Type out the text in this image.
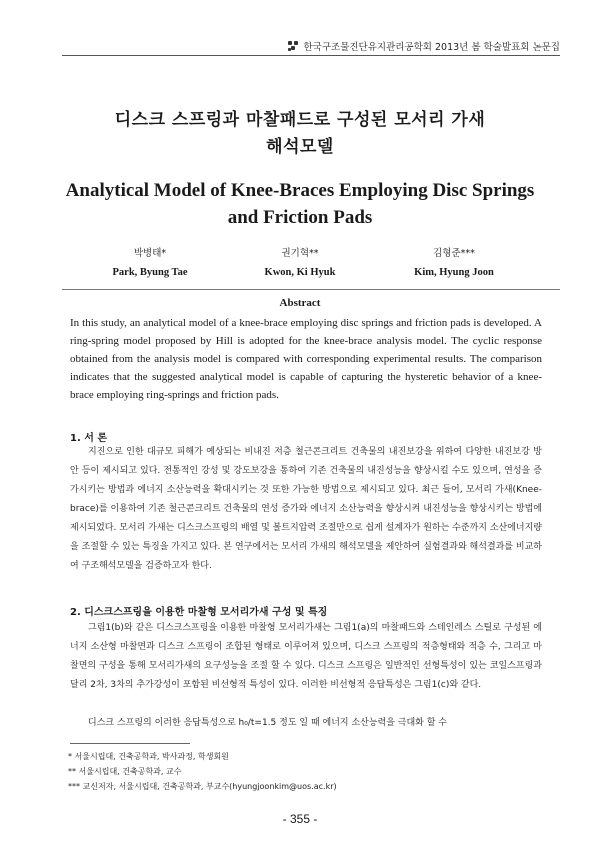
한국구조물진단유지관리공학회 2013년 봄 학술발표회 논문집
디스크 스프링과 마찰패드로 구성된 모서리 가새
해석모델
Analytical Model of Knee-Braces Employing Disc Springs
and Friction Pads
박병태*
Park, Byung Tae
권기혁**
Kwon, Ki Hyuk
김형준***
Kim, Hyung Joon
Abstract
In this study, an analytical model of a knee-brace employing disc springs and friction pads is developed. A ring-spring model proposed by Hill is adopted for the knee-brace analysis model. The cyclic response obtained from the analysis model is compared with corresponding experimental results. The comparison indicates that the suggested analytical model is capable of capturing the hysteretic behavior of a knee-brace employing ring-springs and friction pads.
1. 서 론
지진으로 인한 대규모 피해가 예상되는 비내진 저층 철근콘크리트 건축물의 내진보강을 위하여 다양한 내진보강 방안 등이 제시되고 있다. 전통적인 강성 및 강도보강을 통하여 기존 건축물의 내진성능을 향상시킬 수도 있으며, 연성을 증가시키는 방법과 에너지 소산능력을 확대시키는 것 또한 가능한 방법으로 제시되고 있다. 최근 들어, 모서리 가새(Knee-brace)를 이용하여 기존 철근콘크리트 건축물의 연성 증가와 에너지 소산능력을 향상시켜 내진성능을 향상시키는 방법에 제시되었다. 모서리 가새는 디스크스프링의 배열 및 볼트지압력 조절만으로 쉽게 설계자가 원하는 수준까지 소산에너지량을 조절할 수 있는 특징을 가지고 있다. 본 연구에서는 모서리 가새의 해석모델을 제안하여 실험결과와 해석결과를 비교하여 구조해석모델을 검증하고자 한다.
2. 디스크스프링을 이용한 마찰형 모서리가새 구성 및 특징
그림1(b)와 같은 디스크스프링을 이용한 마찰형 모서리가새는 그림1(a)의 마찰패드와 스테인레스 스틸로 구성된 에너지 소산형 마찰면과 디스크 스프링이 조합된 형태로 이루어져 있으며, 디스크 스프링의 적층형태와 적층 수, 그리고 마찰면의 구성을 통해 모서리가새의 요구성능을 조절 할 수 있다. 디스크 스프링은 일반적인 선형특성이 있는 코일스프링과 달리 2차, 3차의 추가강성이 포함된 비선형적 특성이 있다. 이러한 비선형적 응답특성은 그림1(c)와 같다.
디스크 스프링의 이러한 응답특성으로 h₀/t=1.5 정도 일 때 에너지 소산능력을 극대화 할 수
* 서울시립대, 건축공학과, 박사과정, 학생회원
** 서울시립대, 건축공학과, 교수
*** 교신저자, 서울시립대, 건축공학과, 부교수(hyungjoonkim@uos.ac.kr)
- 355 -
